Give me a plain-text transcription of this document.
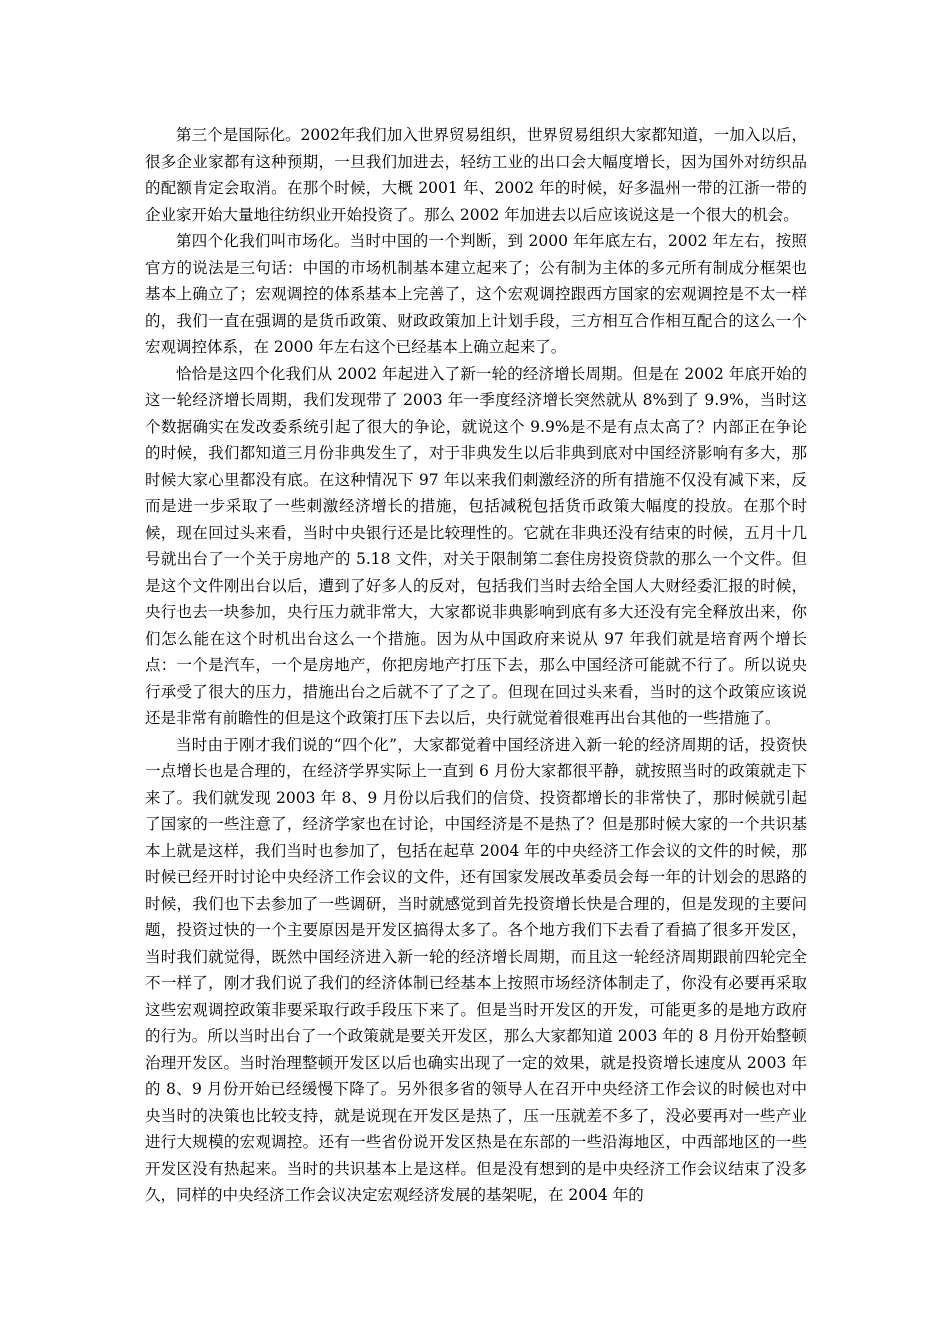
第三个是国际化。2002年我们加入世界贸易组织，世界贸易组织大家都知道，一加入以后，很多企业家都有这种预期，一旦我们加进去，轻纺工业的出口会大幅度增长，因为国外对纺织品的配额肯定会取消。在那个时候，大概 2001 年、2002 年的时候，好多温州一带的江浙一带的企业家开始大量地往纺织业开始投资了。那么 2002 年加进去以后应该说这是一个很大的机会。

第四个化我们叫市场化。当时中国的一个判断，到 2000 年年底左右，2002 年左右，按照官方的说法是三句话：中国的市场机制基本建立起来了；公有制为主体的多元所有制成分框架也基本上确立了；宏观调控的体系基本上完善了，这个宏观调控跟西方国家的宏观调控是不太一样的，我们一直在强调的是货币政策、财政政策加上计划手段，三方相互合作相互配合的这么一个宏观调控体系，在 2000 年左右这个已经基本上确立起来了。

恰恰是这四个化我们从 2002 年起进入了新一轮的经济增长周期。但是在 2002 年底开始的这一轮经济增长周期，我们发现带了 2003 年一季度经济增长突然就从 8%到了 9.9%，当时这个数据确实在发改委系统引起了很大的争论，就说这个 9.9%是不是有点太高了？内部正在争论的时候，我们都知道三月份非典发生了，对于非典发生以后非典到底对中国经济影响有多大，那时候大家心里都没有底。在这种情况下 97 年以来我们刺激经济的所有措施不仅没有减下来，反而是进一步采取了一些刺激经济增长的措施，包括减税包括货币政策大幅度的投放。在那个时候，现在回过头来看，当时中央银行还是比较理性的。它就在非典还没有结束的时候，五月十几号就出台了一个关于房地产的 5.18 文件，对关于限制第二套住房投资贷款的那么一个文件。但是这个文件刚出台以后，遭到了好多人的反对，包括我们当时去给全国人大财经委汇报的时候，央行也去一块参加，央行压力就非常大，大家都说非典影响到底有多大还没有完全释放出来，你们怎么能在这个时机出台这么一个措施。因为从中国政府来说从 97 年我们就是培育两个增长点：一个是汽车，一个是房地产，你把房地产打压下去，那么中国经济可能就不行了。所以说央行承受了很大的压力，措施出台之后就不了了之了。但现在回过头来看，当时的这个政策应该说还是非常有前瞻性的但是这个政策打压下去以后，央行就觉着很难再出台其他的一些措施了。

当时由于刚才我们说的“四个化”，大家都觉着中国经济进入新一轮的经济周期的话，投资快一点增长也是合理的，在经济学界实际上一直到 6 月份大家都很平静，就按照当时的政策就走下来了。我们就发现 2003 年 8、9 月份以后我们的信贷、投资都增长的非常快了，那时候就引起了国家的一些注意了，经济学家也在讨论，中国经济是不是热了？但是那时候大家的一个共识基本上就是这样，我们当时也参加了，包括在起草 2004 年的中央经济工作会议的文件的时候，那时候已经开时讨论中央经济工作会议的文件，还有国家发展改革委员会每一年的计划会的思路的时候，我们也下去参加了一些调研，当时就感觉到首先投资增长快是合理的，但是发现的主要问题，投资过快的一个主要原因是开发区搞得太多了。各个地方我们下去看了看搞了很多开发区，当时我们就觉得，既然中国经济进入新一轮的经济增长周期，而且这一轮经济周期跟前四轮完全不一样了，刚才我们说了我们的经济体制已经基本上按照市场经济体制走了，你没有必要再采取这些宏观调控政策非要采取行政手段压下来了。但是当时开发区的开发，可能更多的是地方政府的行为。所以当时出台了一个政策就是要关开发区，那么大家都知道 2003 年的 8 月份开始整顿治理开发区。当时治理整顿开发区以后也确实出现了一定的效果，就是投资增长速度从 2003 年的 8、9 月份开始已经缓慢下降了。另外很多省的领导人在召开中央经济工作会议的时候也对中央当时的决策也比较支持，就是说现在开发区是热了，压一压就差不多了，没必要再对一些产业进行大规模的宏观调控。还有一些省份说开发区热是在东部的一些沿海地区，中西部地区的一些开发区没有热起来。当时的共识基本上是这样。但是没有想到的是中央经济工作会议结束了没多久，同样的中央经济工作会议决定宏观经济发展的基架呢，在 2004 年的
